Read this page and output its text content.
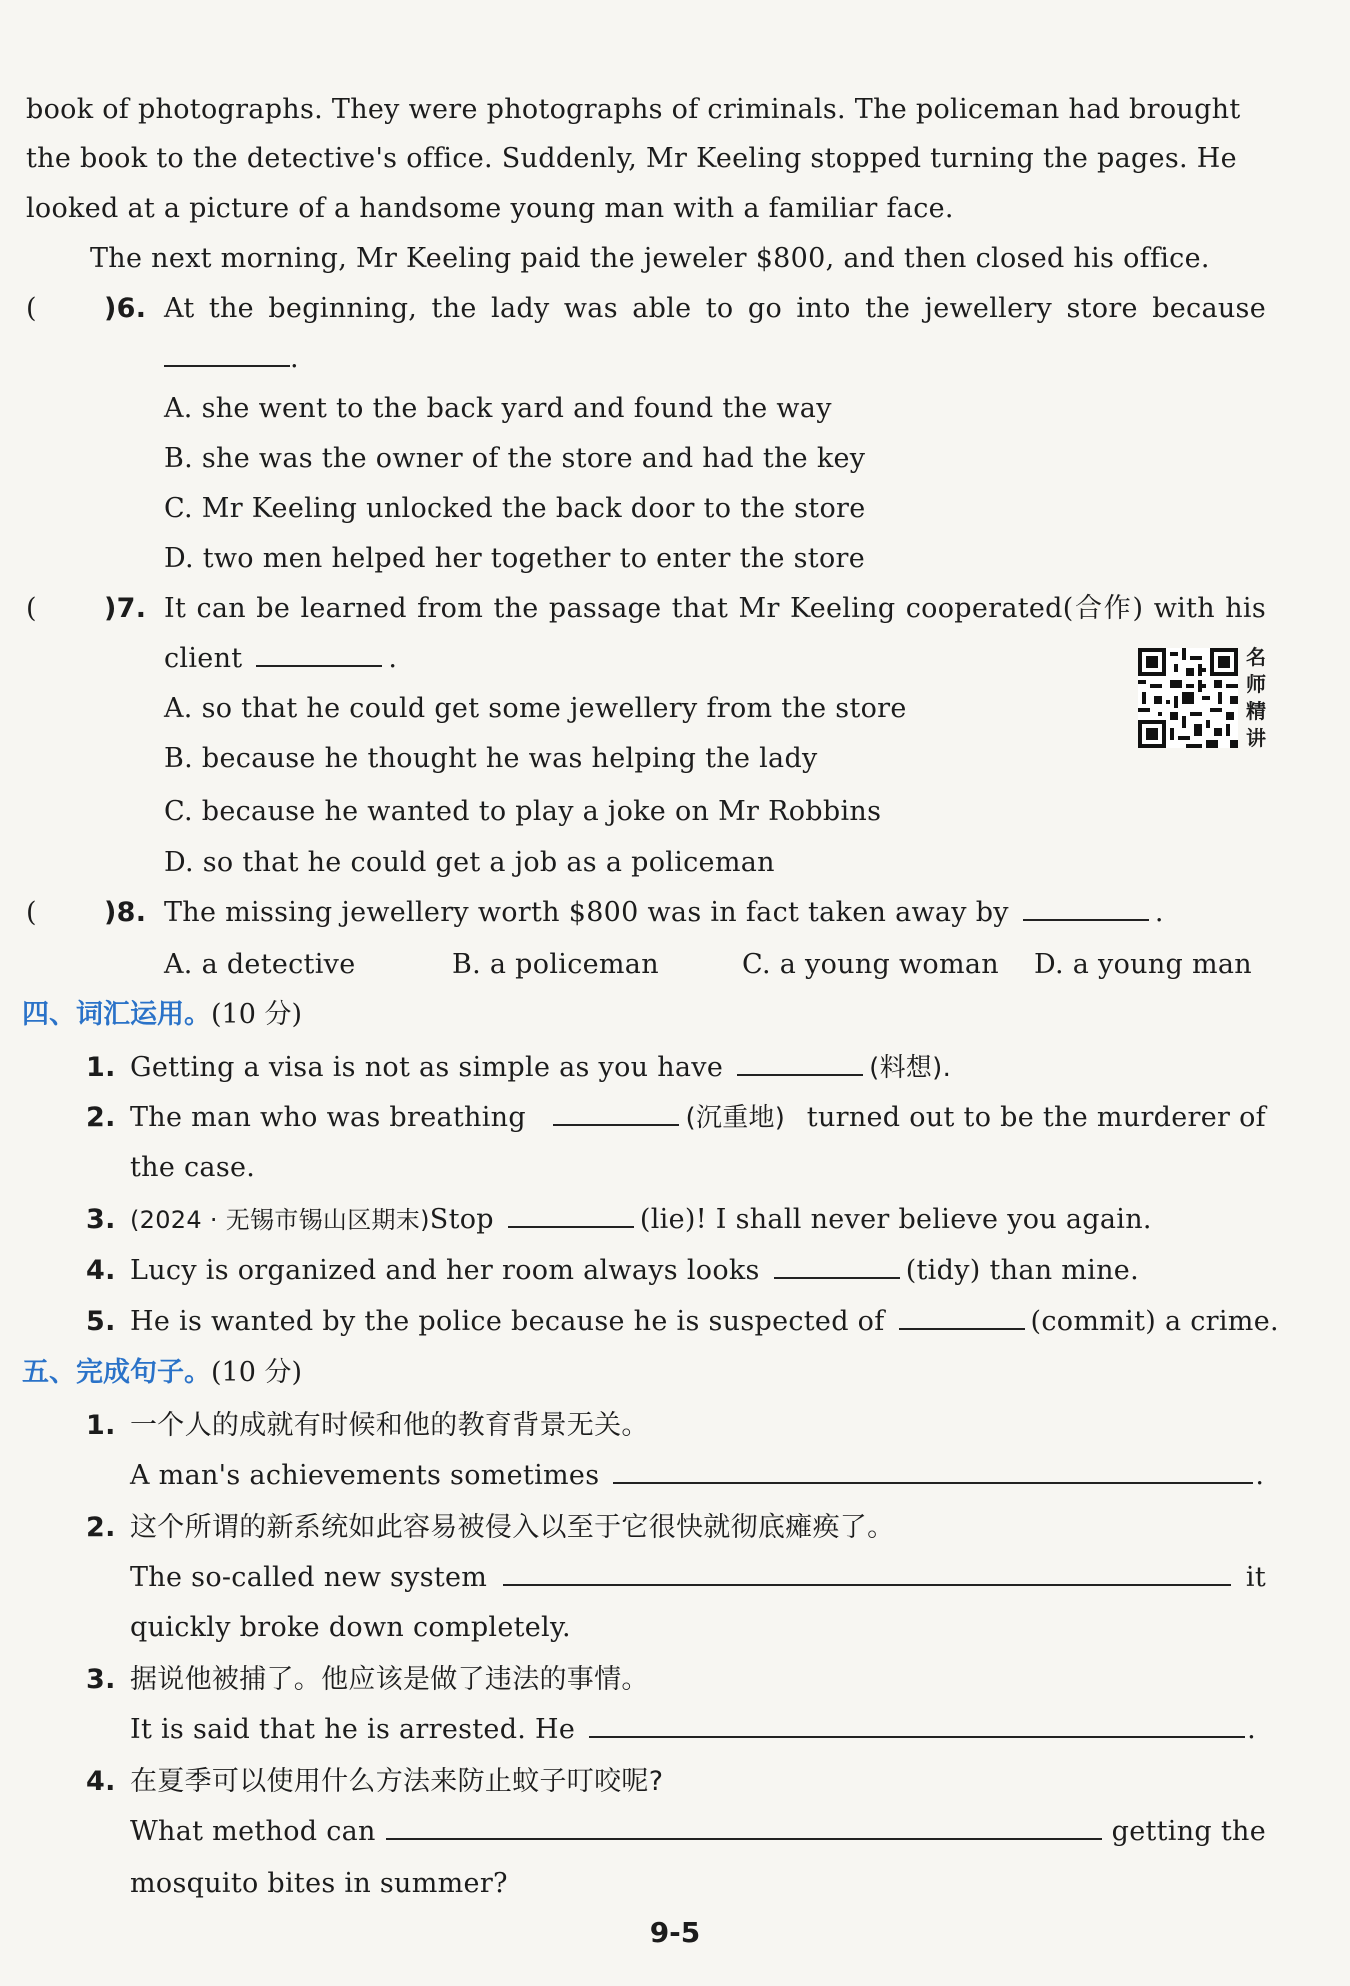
book of photographs. They were photographs of criminals. The policeman had brought
the book to the detective's office. Suddenly, Mr Keeling stopped turning the pages. He
looked at a picture of a handsome young man with a familiar face.
The next morning, Mr Keeling paid the jeweler $800, and then closed his office.
( )6. At the beginning, the lady was able to go into the jewellery store because
.
A. she went to the back yard and found the way
B. she was the owner of the store and had the key
C. Mr Keeling unlocked the back door to the store
D. two men helped her together to enter the store
( )7. It can be learned from the passage that Mr Keeling cooperated(合作) with his
client	.
A. so that he could get some jewellery from the store
B. because he thought he was helping the lady
C. because he wanted to play a joke on Mr Robbins
D. so that he could get a job as a policeman
名
师
精
讲
( )8. The missing jewellery worth $800 was in fact taken away by	.
A. a detective	B. a policeman	C. a young woman D. a young man
四、词汇运用。(10 分)
1. Getting a visa is not as simple as you have	(料想).
2. The man who was breathing	(沉重地) turned out to be the murderer of
the case.
3. (2024 · 无锡市锡山区期末)Stop	(lie)! I shall never believe you again.
4. Lucy is organized and her room always looks	(tidy) than mine.
5. He is wanted by the police because he is suspected of	(commit) a crime.
五、完成句子。(10 分)
1. 一个人的成就有时候和他的教育背景无关。
A man's achievements sometimes	.
2. 这个所谓的新系统如此容易被侵入以至于它很快就彻底瘫痪了。
The so-called new system	it
quickly broke down completely.
3. 据说他被捕了。他应该是做了违法的事情。
It is said that he is arrested. He	.
4. 在夏季可以使用什么方法来防止蚊子叮咬呢?
What method can	getting the
mosquito bites in summer?
9-5
